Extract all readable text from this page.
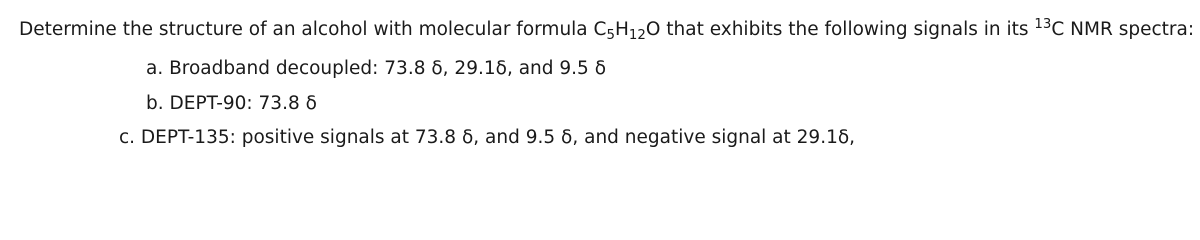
Determine the structure of an alcohol with molecular formula $C_5H_{12}O$ that exhibits the following signals in its $^{13}$C NMR spectra:
a. Broadband decoupled: 73.8 δ, 29.1δ, and 9.5 δ
b. DEPT-90: 73.8 δ
c. DEPT-135: positive signals at 73.8 δ, and 9.5 δ, and negative signal at 29.1δ,
